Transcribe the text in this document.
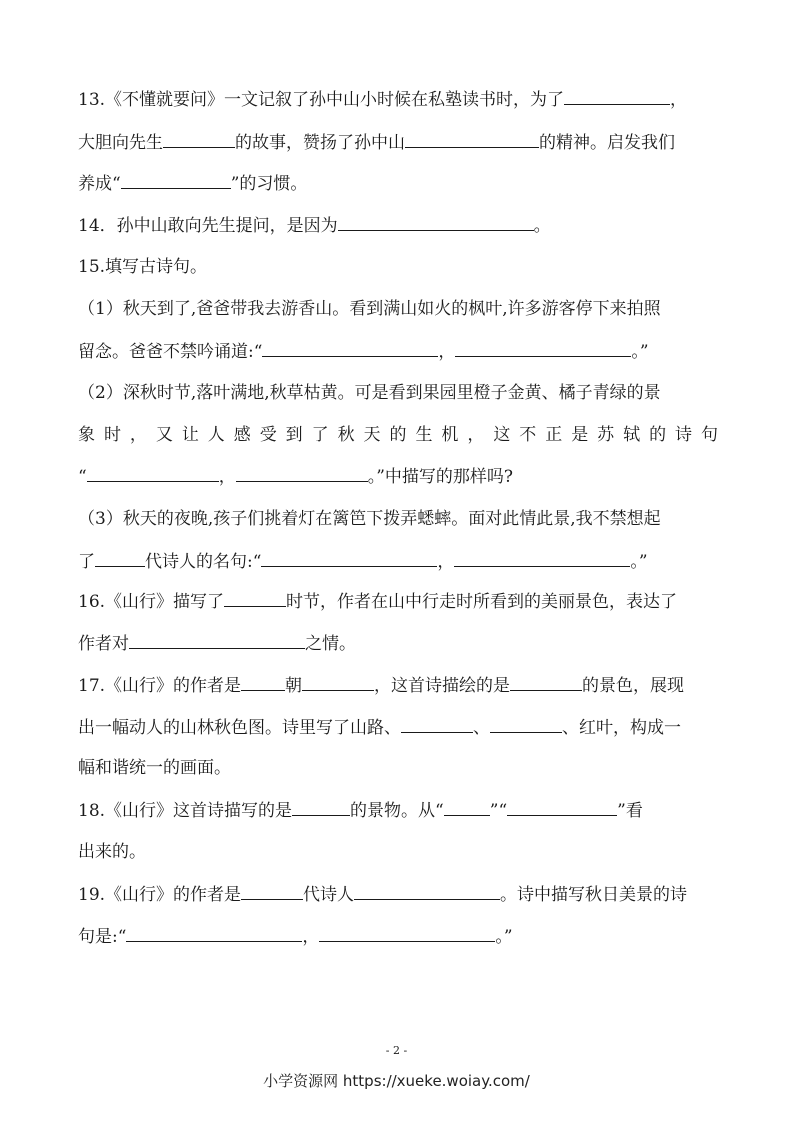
13.《不懂就要问》一文记叙了孙中山小时候在私塾读书时，为了	，
大胆向先生	的故事，赞扬了孙中山	的精神。启发我们
养成“	”的习惯。
14．孙中山敢向先生提问，是因为	。
15.填写古诗句。
（1）秋天到了,爸爸带我去游香山。看到满山如火的枫叶,许多游客停下来拍照
留念。爸爸不禁吟诵道:“	，	。”
（2）深秋时节,落叶满地,秋草枯黄。可是看到果园里橙子金黄、橘子青绿的景
象时，又让人感受到了秋天的生机，这不正是苏轼的诗句
“	，	。”中描写的那样吗?
（3）秋天的夜晚,孩子们挑着灯在篱笆下拨弄蟋蟀。面对此情此景,我不禁想起
了	代诗人的名句:“	，	。”
16.《山行》描写了	时节，作者在山中行走时所看到的美丽景色，表达了
作者对	之情。
17.《山行》的作者是	朝	，这首诗描绘的是	的景色，展现
出一幅动人的山林秋色图。诗里写了山路、	、	、红叶，构成一
幅和谐统一的画面。
18.《山行》这首诗描写的是	的景物。从“	”“	”看
出来的。
19.《山行》的作者是	代诗人	。诗中描写秋日美景的诗
句是:“	，	。”
- 2 -
小学资源网 https://xueke.woiay.com/
